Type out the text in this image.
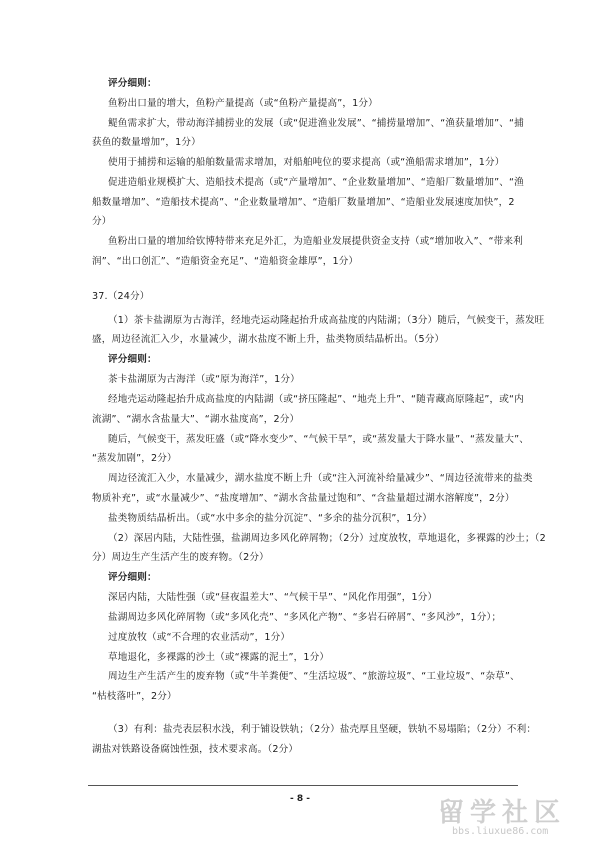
评分细则：
鱼粉出口量的增大，鱼粉产量提高（或“鱼粉产量提高”，1分）
鳀鱼需求扩大，带动海洋捕捞业的发展（或“促进渔业发展”、“捕捞量增加”、“渔获量增加”、“捕
获鱼的数量增加”，1分）
使用于捕捞和运输的船舶数量需求增加，对船舶吨位的要求提高（或“渔船需求增加”，1分）
促进造船业规模扩大、造船技术提高（或“产量增加”、“企业数量增加”、“造船厂数量增加”、“渔
船数量增加”、“造船技术提高”、“企业数量增加”、“造船厂数量增加”、“造船业发展速度加快”，2
分）
鱼粉出口量的增加给钦博特带来充足外汇，为造船业发展提供资金支持（或“增加收入”、“带来利
润”、“出口创汇”、“造船资金充足”、“造船资金雄厚”，1分）
37.（24分）
（1）茶卡盐湖原为古海洋，经地壳运动隆起抬升成高盐度的内陆湖；（3分）随后，气候变干，蒸发旺
盛，周边径流汇入少，水量减少，湖水盐度不断上升，盐类物质结晶析出。（5分）
评分细则：
茶卡盐湖原为古海洋（或“原为海洋”，1分）
经地壳运动隆起抬升成高盐度的内陆湖（或“挤压隆起”、“地壳上升”、“随青藏高原隆起”，或“内
流湖”、“湖水含盐量大”、“湖水盐度高”，2分）
随后，气候变干，蒸发旺盛（或“降水变少”、“气候干旱”，或“蒸发量大于降水量”、“蒸发量大”、
“蒸发加剧”，2分）
周边径流汇入少，水量减少，湖水盐度不断上升（或“注入河流补给量减少”、“周边径流带来的盐类
物质补充”，或“水量减少”、“盐度增加”、“湖水含盐量过饱和”、“含盐量超过湖水溶解度”，2分）
盐类物质结晶析出。（或“水中多余的盐分沉淀”、“多余的盐分沉积”，1分）
（2）深居内陆，大陆性强，盐湖周边多风化碎屑物；（2分）过度放牧，草地退化，多裸露的沙土；（2
分）周边生产生活产生的废弃物。（2分）
评分细则：
深居内陆，大陆性强（或“昼夜温差大”、“气候干旱”、“风化作用强”，1分）
盐湖周边多风化碎屑物（或“多风化壳”、“多风化产物”、“多岩石碎屑”、“多风沙”，1分）；
过度放牧（或“不合理的农业活动”，1分）
草地退化，多裸露的沙土（或“裸露的泥土”，1分）
周边生产生活产生的废弃物（或“牛羊粪便”、“生活垃圾”、“旅游垃圾”、“工业垃圾”、“杂草”、
“枯枝落叶”，2分）
（3）有利：盐壳表层积水浅，利于铺设铁轨；（2分）盐壳厚且坚硬，铁轨不易塌陷；（2分）不利：
湖盐对铁路设备腐蚀性强，技术要求高。（2分）
- 8 -	留学社区
bbs.liuxue86.com
